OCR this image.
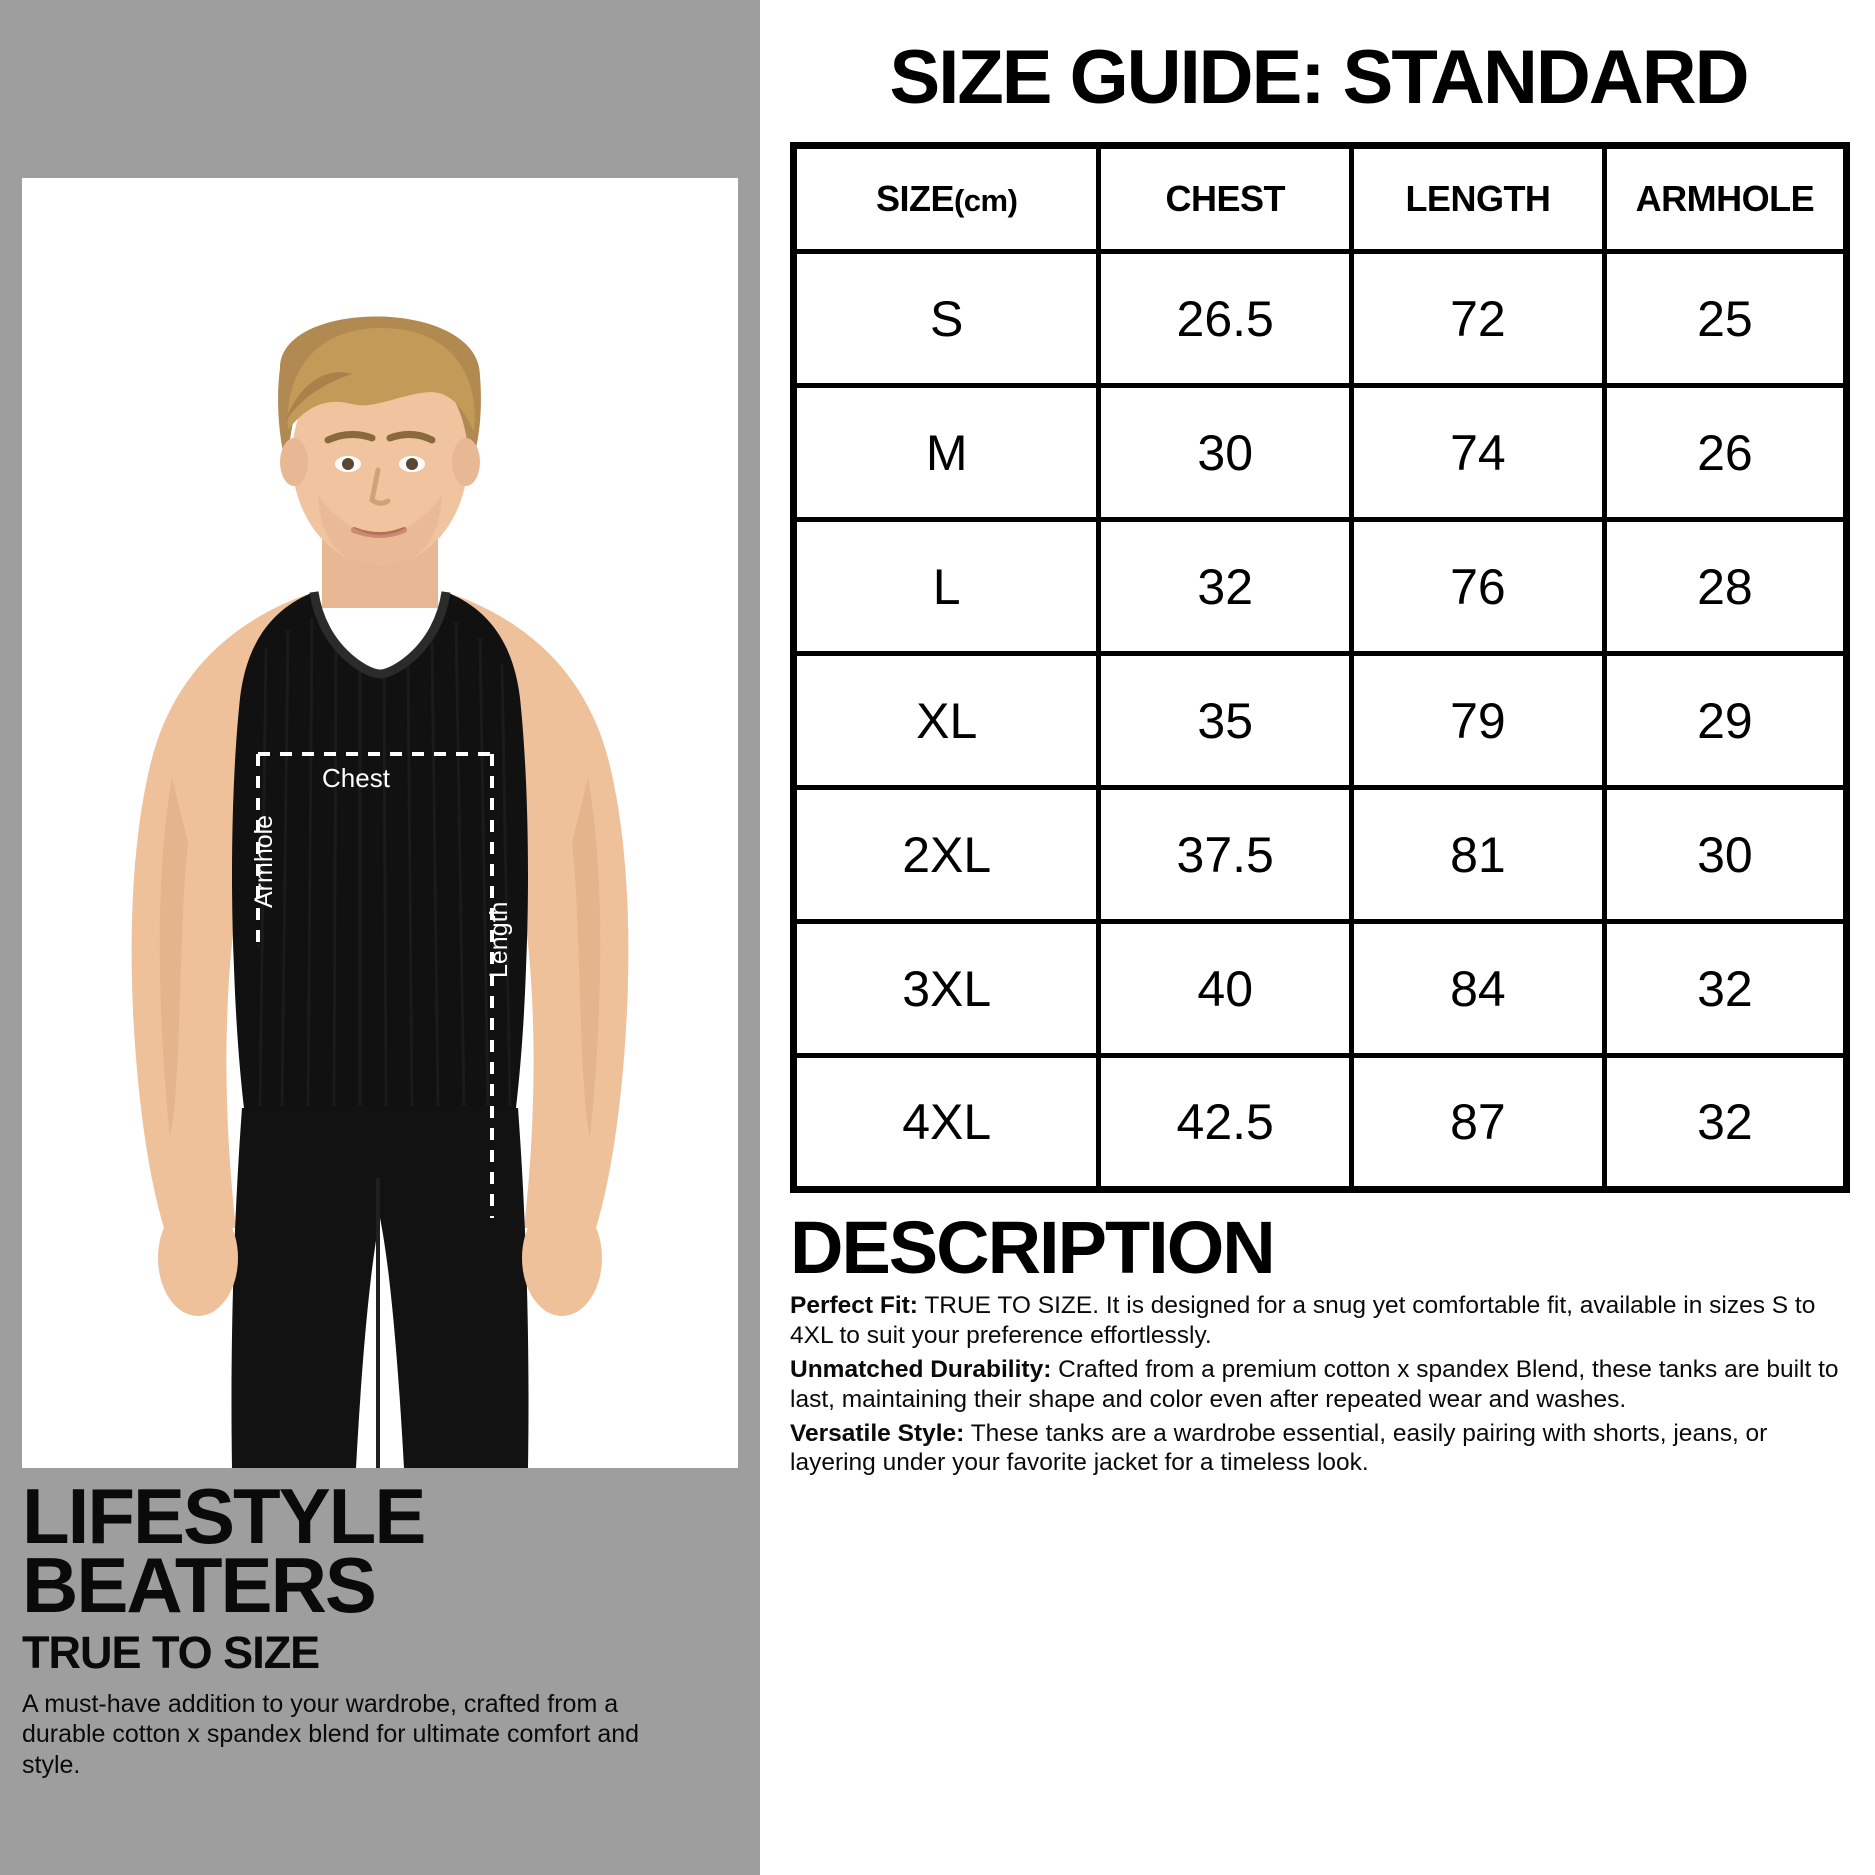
Chest
Armhole
Length
LIFESTYLE
BEATERS
TRUE TO SIZE
A must-have addition to your wardrobe, crafted from a durable cotton x spandex blend for ultimate comfort and style.
SIZE GUIDE: STANDARD
SIZE(cm)	CHEST	LENGTH	ARMHOLE
S	26.5	72	25
M	30	74	26
L	32	76	28
XL	35	79	29
2XL	37.5	81	30
3XL	40	84	32
4XL	42.5	87	32
DESCRIPTION
Perfect Fit: TRUE TO SIZE. It is designed for a snug yet comfortable fit, available in sizes S to 4XL to suit your preference effortlessly.
Unmatched Durability: Crafted from a premium cotton x spandex Blend, these tanks are built to last, maintaining their shape and color even after repeated wear and washes.
Versatile Style: These tanks are a wardrobe essential, easily pairing with shorts, jeans, or layering under your favorite jacket for a timeless look.
